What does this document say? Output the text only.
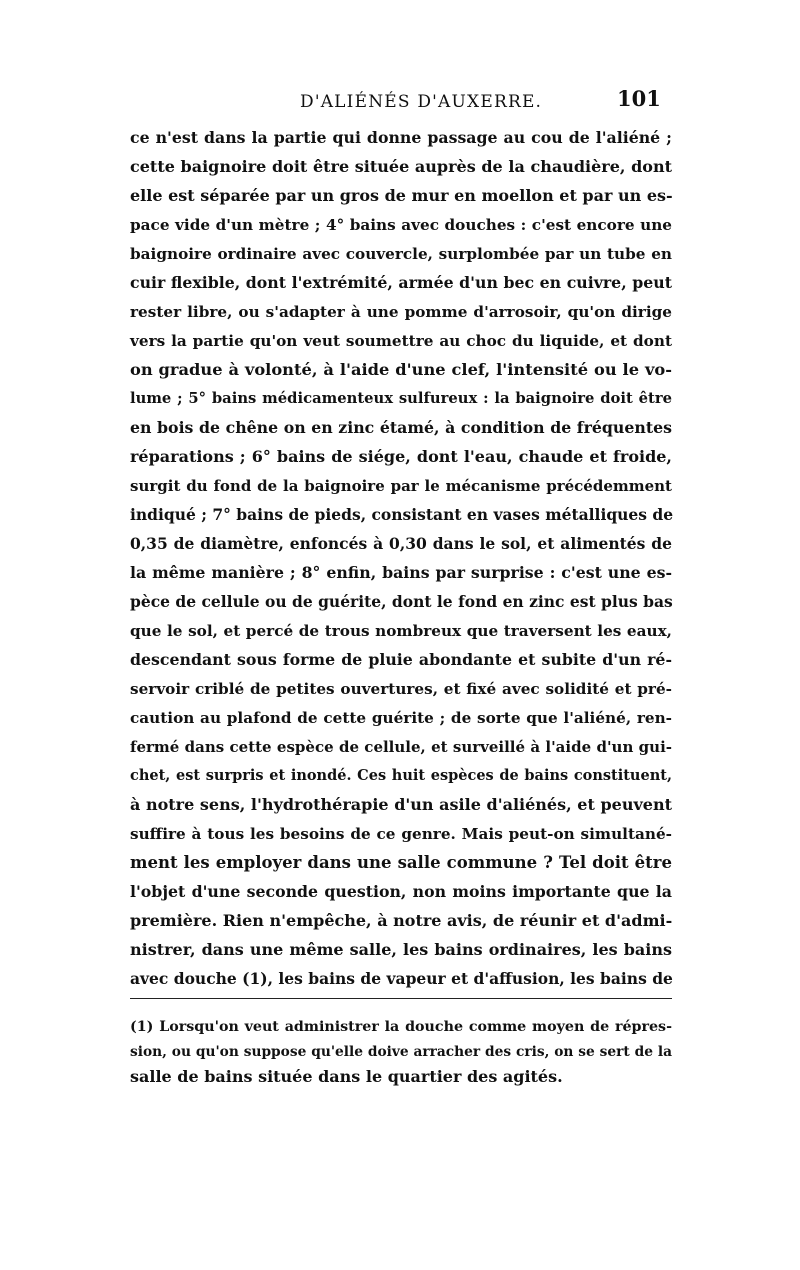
D'ALIÉNÉS D'AUXERRE.	101
ce n'est dans la partie qui donne passage au cou de l'aliéné ;
cette baignoire doit être située auprès de la chaudière, dont
elle est séparée par un gros de mur en moellon et par un es-
pace vide d'un mètre ; 4° bains avec douches : c'est encore une
baignoire ordinaire avec couvercle, surplombée par un tube en
cuir flexible, dont l'extrémité, armée d'un bec en cuivre, peut
rester libre, ou s'adapter à une pomme d'arrosoir, qu'on dirige
vers la partie qu'on veut soumettre au choc du liquide, et dont
on gradue à volonté, à l'aide d'une clef, l'intensité ou le vo-
lume ; 5° bains médicamenteux sulfureux : la baignoire doit être
en bois de chêne on en zinc étamé, à condition de fréquentes
réparations ; 6° bains de siége, dont l'eau, chaude et froide,
surgit du fond de la baignoire par le mécanisme précédemment
indiqué ; 7° bains de pieds, consistant en vases métalliques de
0,35 de diamètre, enfoncés à 0,30 dans le sol, et alimentés de
la même manière ; 8° enfin, bains par surprise : c'est une es-
pèce de cellule ou de guérite, dont le fond en zinc est plus bas
que le sol, et percé de trous nombreux que traversent les eaux,
descendant sous forme de pluie abondante et subite d'un ré-
servoir criblé de petites ouvertures, et fixé avec solidité et pré-
caution au plafond de cette guérite ; de sorte que l'aliéné, ren-
fermé dans cette espèce de cellule, et surveillé à l'aide d'un gui-
chet, est surpris et inondé. Ces huit espèces de bains constituent,
à notre sens, l'hydrothérapie d'un asile d'aliénés, et peuvent
suffire à tous les besoins de ce genre. Mais peut-on simultané-
ment les employer dans une salle commune ? Tel doit être
l'objet d'une seconde question, non moins importante que la
première. Rien n'empêche, à notre avis, de réunir et d'admi-
nistrer, dans une même salle, les bains ordinaires, les bains
avec douche (1), les bains de vapeur et d'affusion, les bains de
(1) Lorsqu'on veut administrer la douche comme moyen de répres-
sion, ou qu'on suppose qu'elle doive arracher des cris, on se sert de la
salle de bains située dans le quartier des agités.
